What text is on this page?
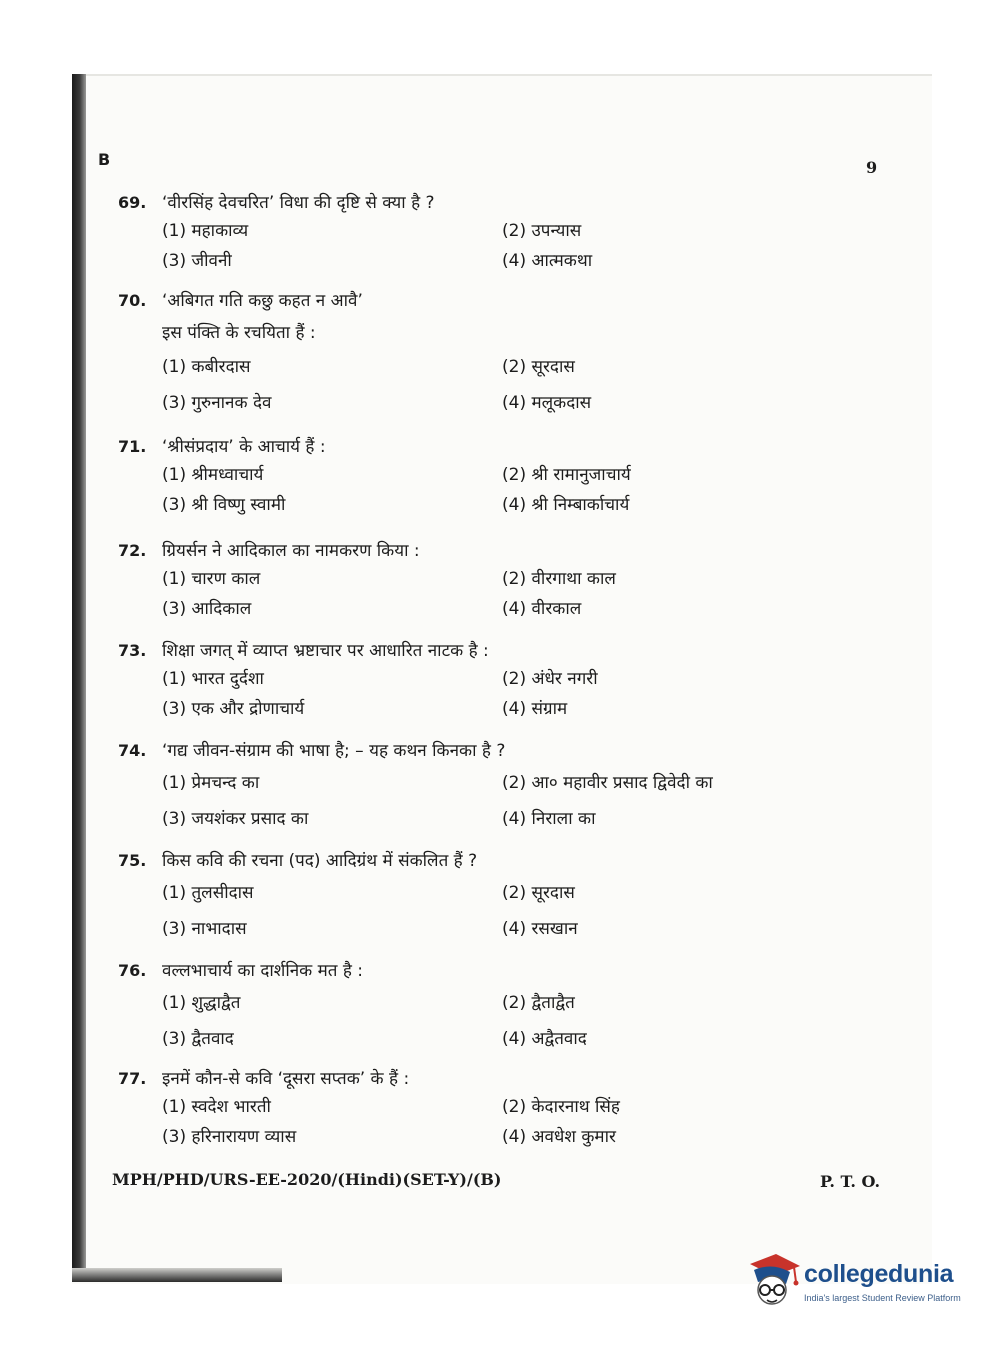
B	9
69. ‘वीरसिंह देवचरित’ विधा की दृष्टि से क्या है ?
(1) महाकाव्य	(2) उपन्यास
(3) जीवनी	(4) आत्मकथा
70. ‘अबिगत गति कछु कहत न आवै’
इस पंक्ति के रचयिता हैं :
(1) कबीरदास	(2) सूरदास
(3) गुरुनानक देव	(4) मलूकदास
71. ‘श्रीसंप्रदाय’ के आचार्य हैं :
(1) श्रीमध्वाचार्य	(2) श्री रामानुजाचार्य
(3) श्री विष्णु स्वामी	(4) श्री निम्बार्काचार्य
72. ग्रियर्सन ने आदिकाल का नामकरण किया :
(1) चारण काल	(2) वीरगाथा काल
(3) आदिकाल	(4) वीरकाल
73. शिक्षा जगत् में व्याप्त भ्रष्टाचार पर आधारित नाटक है :
(1) भारत दुर्दशा	(2) अंधेर नगरी
(3) एक और द्रोणाचार्य	(4) संग्राम
74. ‘गद्य जीवन-संग्राम की भाषा है; – यह कथन किनका है ?
(1) प्रेमचन्द का	(2) आ० महावीर प्रसाद द्विवेदी का
(3) जयशंकर प्रसाद का	(4) निराला का
75. किस कवि की रचना (पद) आदिग्रंथ में संकलित हैं ?
(1) तुलसीदास	(2) सूरदास
(3) नाभादास	(4) रसखान
76. वल्लभाचार्य का दार्शनिक मत है :
(1) शुद्धाद्वैत	(2) द्वैताद्वैत
(3) द्वैतवाद	(4) अद्वैतवाद
77. इनमें कौन-से कवि ‘दूसरा सप्तक’ के हैं :
(1) स्वदेश भारती	(2) केदारनाथ सिंह
(3) हरिनारायण व्यास	(4) अवधेश कुमार
MPH/PHD/URS-EE-2020/(Hindi)(SET-Y)/(B)	P. T. O.
collegedunia
India's largest Student Review Platform
